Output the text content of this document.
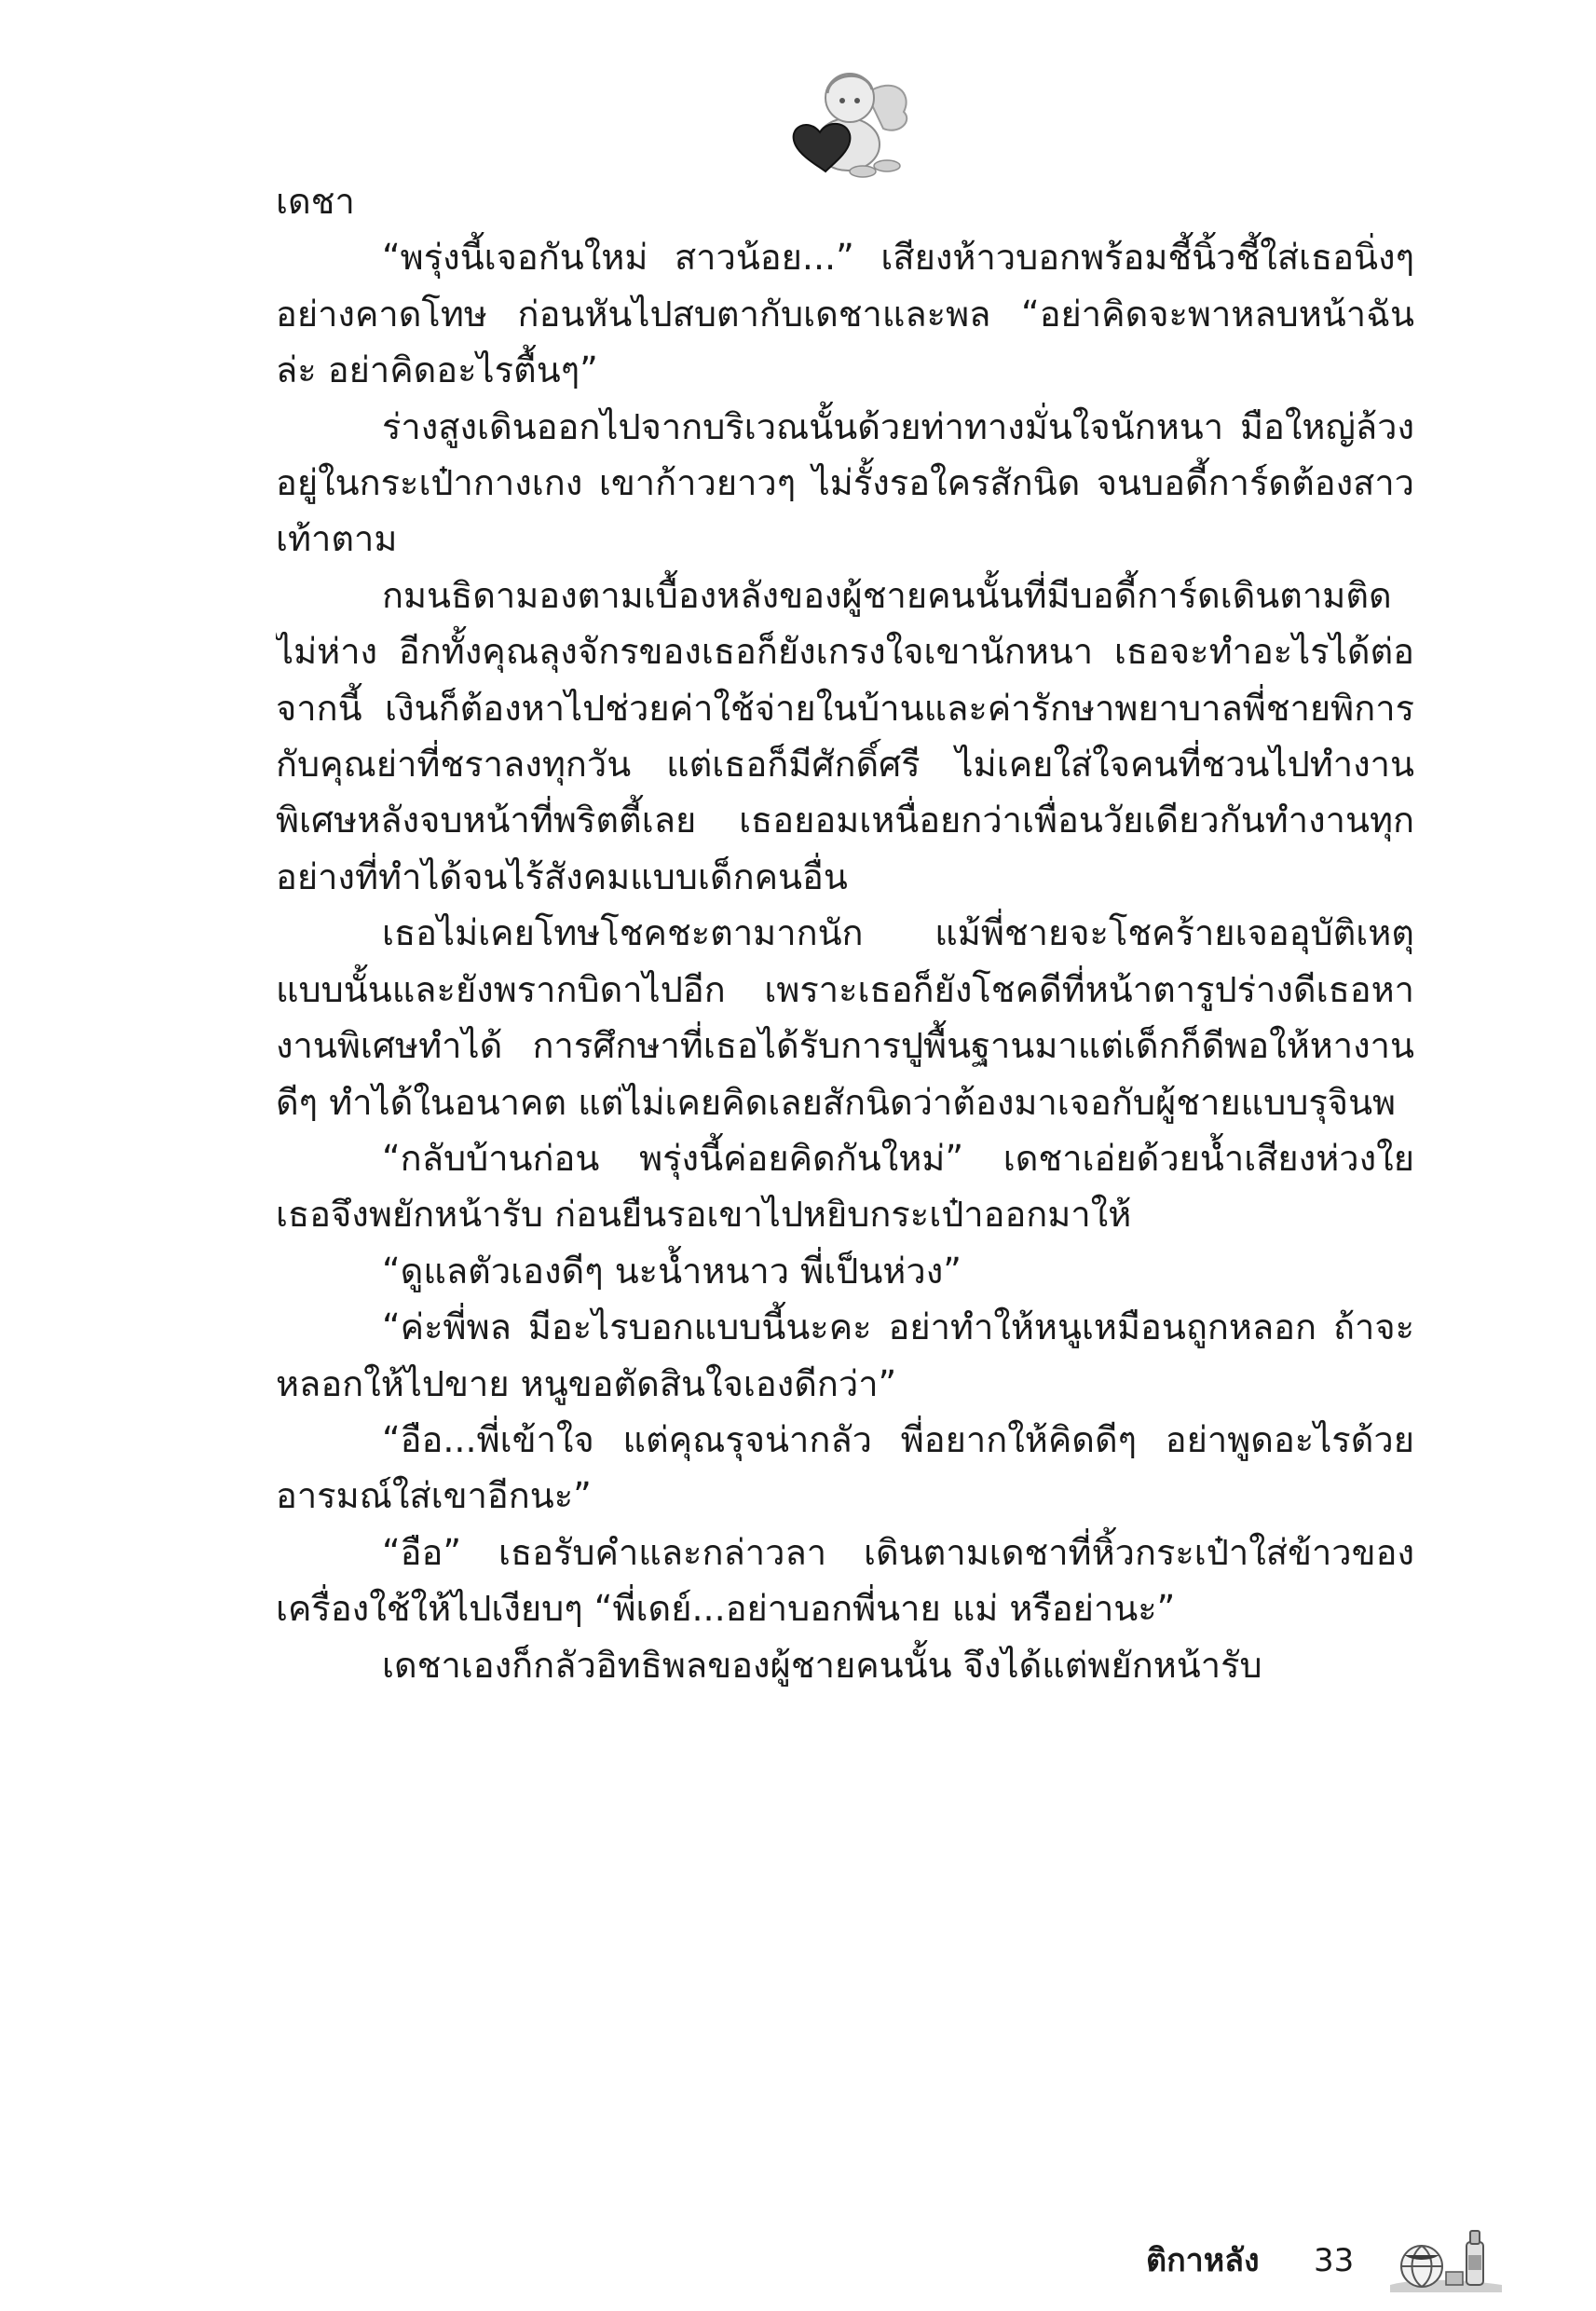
เดชา

“พรุ่งนี้เจอกันใหม่ สาวน้อย...” เสียงห้าวบอกพร้อมชี้นิ้วชี้ใส่เธอนิ่งๆ อย่างคาดโทษ ก่อนหันไปสบตากับเดชาและพล “อย่าคิดจะพาหลบหน้าฉันล่ะ อย่าคิดอะไรตื้นๆ”

ร่างสูงเดินออกไปจากบริเวณนั้นด้วยท่าทางมั่นใจนักหนา มือใหญ่ล้วงอยู่ในกระเป๋ากางเกง เขาก้าวยาวๆ ไม่รั้งรอใครสักนิด จนบอดี้การ์ดต้องสาวเท้าตาม

กมนธิดามองตามเบื้องหลังของผู้ชายคนนั้นที่มีบอดี้การ์ดเดินตามติดไม่ห่าง อีกทั้งคุณลุงจักรของเธอก็ยังเกรงใจเขานักหนา เธอจะทำอะไรได้ต่อจากนี้ เงินก็ต้องหาไปช่วยค่าใช้จ่ายในบ้านและค่ารักษาพยาบาลพี่ชายพิการกับคุณย่าที่ชราลงทุกวัน แต่เธอก็มีศักดิ์ศรี ไม่เคยใส่ใจคนที่ชวนไปทำงานพิเศษหลังจบหน้าที่พริตตี้เลย เธอยอมเหนื่อยกว่าเพื่อนวัยเดียวกันทำงานทุกอย่างที่ทำได้จนไร้สังคมแบบเด็กคนอื่น

เธอไม่เคยโทษโชคชะตามากนัก แม้พี่ชายจะโชคร้ายเจออุบัติเหตุแบบนั้นและยังพรากบิดาไปอีก เพราะเธอก็ยังโชคดีที่หน้าตารูปร่างดีเธอหางานพิเศษทำได้ การศึกษาที่เธอได้รับการปูพื้นฐานมาแต่เด็กก็ดีพอให้หางานดีๆ ทำได้ในอนาคต แต่ไม่เคยคิดเลยสักนิดว่าต้องมาเจอกับผู้ชายแบบรุจินพ

“กลับบ้านก่อน พรุ่งนี้ค่อยคิดกันใหม่” เดชาเอ่ยด้วยน้ำเสียงห่วงใย เธอจึงพยักหน้ารับ ก่อนยืนรอเขาไปหยิบกระเป๋าออกมาให้

“ดูแลตัวเองดีๆ นะน้ำหนาว พี่เป็นห่วง”

“ค่ะพี่พล มีอะไรบอกแบบนี้นะคะ อย่าทำให้หนูเหมือนถูกหลอก ถ้าจะหลอกให้ไปขาย หนูขอตัดสินใจเองดีกว่า”

“อือ...พี่เข้าใจ แต่คุณรุจน่ากลัว พี่อยากให้คิดดีๆ อย่าพูดอะไรด้วยอารมณ์ใส่เขาอีกนะ”

“อือ” เธอรับคำและกล่าวลา เดินตามเดชาที่หิ้วกระเป๋าใส่ข้าวของเครื่องใช้ให้ไปเงียบๆ “พี่เดย์...อย่าบอกพี่นาย แม่ หรือย่านะ”

เดชาเองก็กลัวอิทธิพลของผู้ชายคนนั้น จึงได้แต่พยักหน้ารับ

ติกาหลัง 33
